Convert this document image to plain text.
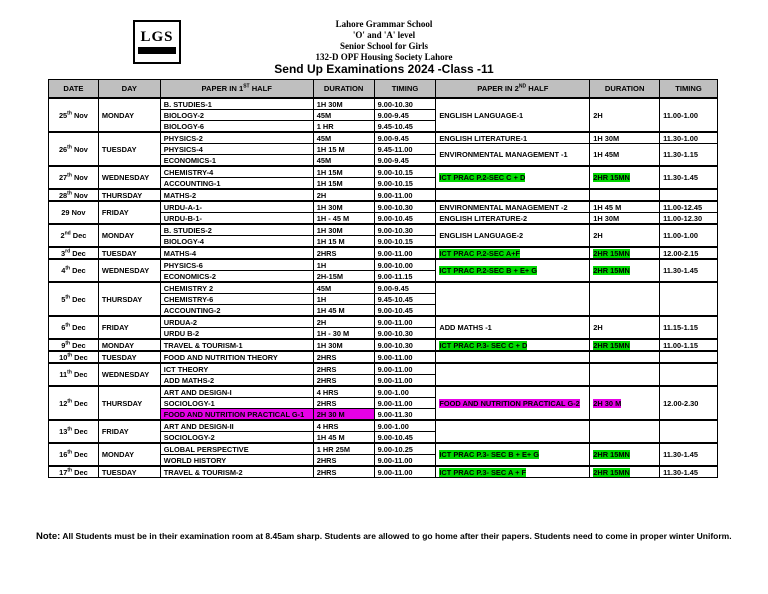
LGS
Lahore Grammar School
'O' and 'A' level
Senior School for Girls
132-D OPF Housing Society Lahore
Send Up Examinations 2024 -Class -11
DATE	DAY	PAPER IN 1ST HALF	DURATION	TIMING	PAPER IN 2ND HALF	DURATION	TIMING
25th Nov	MONDAY	B. STUDIES-1	1H 30M	9.00-10.30	ENGLISH LANGUAGE-1	2H	11.00-1.00
		BIOLOGY-2	45M	9.00-9.45			
		BIOLOGY-6	1 HR	9.45-10.45			
26th Nov	TUESDAY	PHYSICS-2	45M	9.00-9.45	ENGLISH LITERATURE-1	1H 30M	11.30-1.00
		PHYSICS-4	1H 15 M	9.45-11.00	ENVIRONMENTAL MANAGEMENT -1	1H 45M	11.30-1.15
		ECONOMICS-1	45M	9.00-9.45			
27th Nov	WEDNESDAY	CHEMISTRY-4	1H 15M	9.00-10.15	ICT PRAC P.2-SEC C + D	2HR 15MN	11.30-1.45
		ACCOUNTING-1	1H 15M	9.00-10.15			
28th Nov	THURSDAY	MATHS-2	2H	9.00-11.00			
29 Nov	FRIDAY	URDU-A-1-	1H 30M	9.00-10.30	ENVIRONMENTAL MANAGEMENT -2	1H 45 M	11.00-12.45
		URDU-B-1-	1H - 45 M	9.00-10.45	ENGLISH LITERATURE-2	1H 30M	11.00-12.30
2nd Dec	MONDAY	B. STUDIES-2	1H 30M	9.00-10.30	ENGLISH LANGUAGE-2	2H	11.00-1.00
		BIOLOGY-4	1H 15 M	9.00-10.15			
3rd Dec	TUESDAY	MATHS-4	2HRS	9.00-11.00	ICT PRAC P.2-SEC A+F	2HR 15MN	12.00-2.15
4th Dec	WEDNESDAY	PHYSICS-6	1H	9.00-10.00	ICT PRAC P.2-SEC B + E+ G	2HR 15MN	11.30-1.45
		ECONOMICS-2	2H-15M	9.00-11.15			
5th Dec	THURSDAY	CHEMISTRY 2	45M	9.00-9.45			
		CHEMISTRY-6	1H	9.45-10.45			
		ACCOUNTING-2	1H 45 M	9.00-10.45			
6th Dec	FRIDAY	URDUA-2	2H	9.00-11.00	ADD MATHS -1	2H	11.15-1.15
		URDU B-2	1H - 30 M	9.00-10.30			
9th Dec	MONDAY	TRAVEL & TOURISM-1	1H 30M	9.00-10.30	ICT PRAC P.3- SEC C + D	2HR 15MN	11.00-1.15
10th Dec	TUESDAY	FOOD AND NUTRITION THEORY	2HRS	9.00-11.00			
11th Dec	WEDNESDAY	ICT THEORY	2HRS	9.00-11.00			
		ADD MATHS-2	2HRS	9.00-11.00			
12th Dec	THURSDAY	ART AND DESIGN-I	4 HRS	9.00-1.00	FOOD AND NUTRITION PRACTICAL G-2	2H 30 M	12.00-2.30
		SOCIOLOGY-1	2HRS	9.00-11.00			
		FOOD AND NUTRITION PRACTICAL G-1	2H 30 M	9.00-11.30			
13th Dec	FRIDAY	ART AND DESIGN-II	4 HRS	9.00-1.00			
		SOCIOLOGY-2	1H 45 M	9.00-10.45			
16th Dec	MONDAY	GLOBAL PERSPECTIVE	1 HR 25M	9.00-10.25	ICT PRAC P.3- SEC B + E+ G	2HR 15MN	11.30-1.45
		WORLD HISTORY	2HRS	9.00-11.00			
17th Dec	TUESDAY	TRAVEL & TOURISM-2	2HRS	9.00-11.00	ICT PRAC P.3- SEC A + F	2HR 15MN	11.30-1.45
Note: All Students must be in their examination room at 8.45am sharp. Students are allowed to go home after their papers. Students need to come in proper winter Uniform.
